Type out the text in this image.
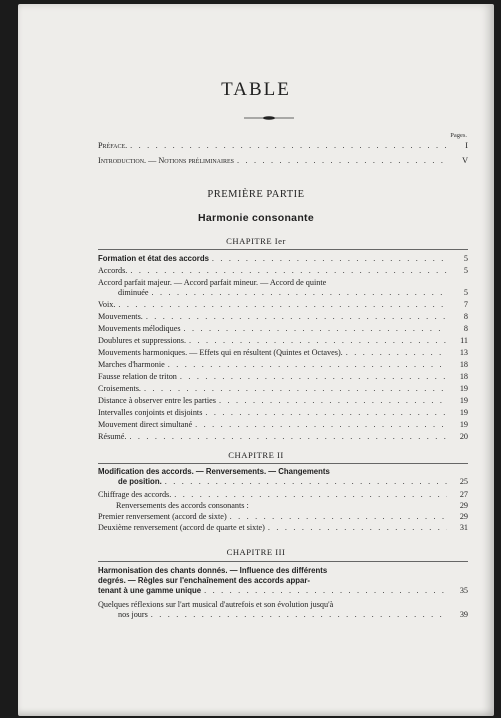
TABLE
Pages.
Préface. . . .	I
Introduction. — Notions préliminaires . . .	V
PREMIÈRE PARTIE
Harmonie consonante
CHAPITRE Ier
Formation et état des accords . . .	5
Accords. . . .	5
Accord parfait majeur. — Accord parfait mineur. — Accord de quinte
diminuée . . .	5
Voix. . . .	7
Mouvements. . . .	8
Mouvements mélodiques . . .	8
Doublures et suppressions. . . .	11
Mouvements harmoniques. — Effets qui en résultent (Quintes et Octaves). . . .	13
Marches d'harmonie . . .	18
Fausse relation de triton . . .	18
Croisements. . . .	19
Distance à observer entre les parties . . .	19
Intervalles conjoints et disjoints . . .	19
Mouvement direct simultané . . .	19
Résumé. . . .	20
CHAPITRE II
Modification des accords. — Renversements. — Changements
de position. . . .	25
Chiffrage des accords. . . .	27
Renversements des accords consonants :	29
Premier renversement (accord de sixte) . . .	29
Deuxième renversement (accord de quarte et sixte) . . .	31
CHAPITRE III
Harmonisation des chants donnés. — Influence des différents
degrés. — Règles sur l'enchaînement des accords appar-
tenant à une gamme unique . . .	35
Quelques réflexions sur l'art musical d'autrefois et son évolution jusqu'à
nos jours . . .	39
